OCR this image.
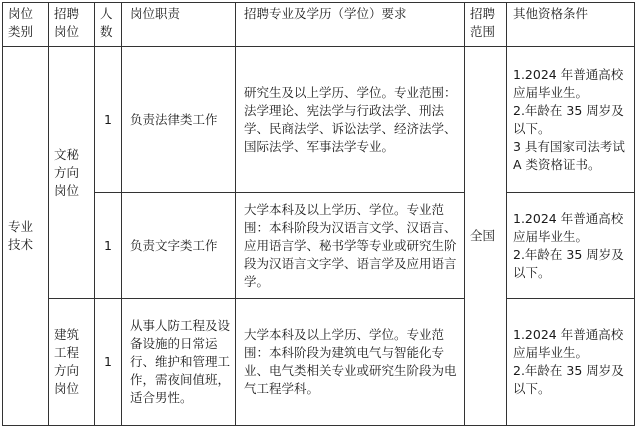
岗位类别	招聘岗位	人数	岗位职责	招聘专业及学历（学位）要求	招聘范围	其他资格条件
专业技术	文秘方向岗位	1	负责法律类工作	研究生及以上学历、学位。专业范围：法学理论、宪法学与行政法学、刑法学、民商法学、诉讼法学、经济法学、国际法学、军事法学专业。	全国	1.2024 年普通高校应届毕业生。
2.年龄在 35 周岁及以下。
3 具有国家司法考试 A 类资格证书。

		1	负责文字类工作	大学本科及以上学历、学位。专业范围：本科阶段为汉语言文学、汉语言、应用语言学、秘书学等专业或研究生阶段为汉语言文字学、语言学及应用语言学。		1.2024 年普通高校应届毕业生。
2.年龄在 35 周岁及以下。

	建筑工程方向岗位	1	从事人防工程及设备设施的日常运行、维护和管理工作，需夜间值班，适合男性。	大学本科及以上学历、学位。专业范围：本科阶段为建筑电气与智能化专业、电气类相关专业或研究生阶段为电气工程学科。		1.2024 年普通高校应届毕业生。
2.年龄在 35 周岁及以下。
